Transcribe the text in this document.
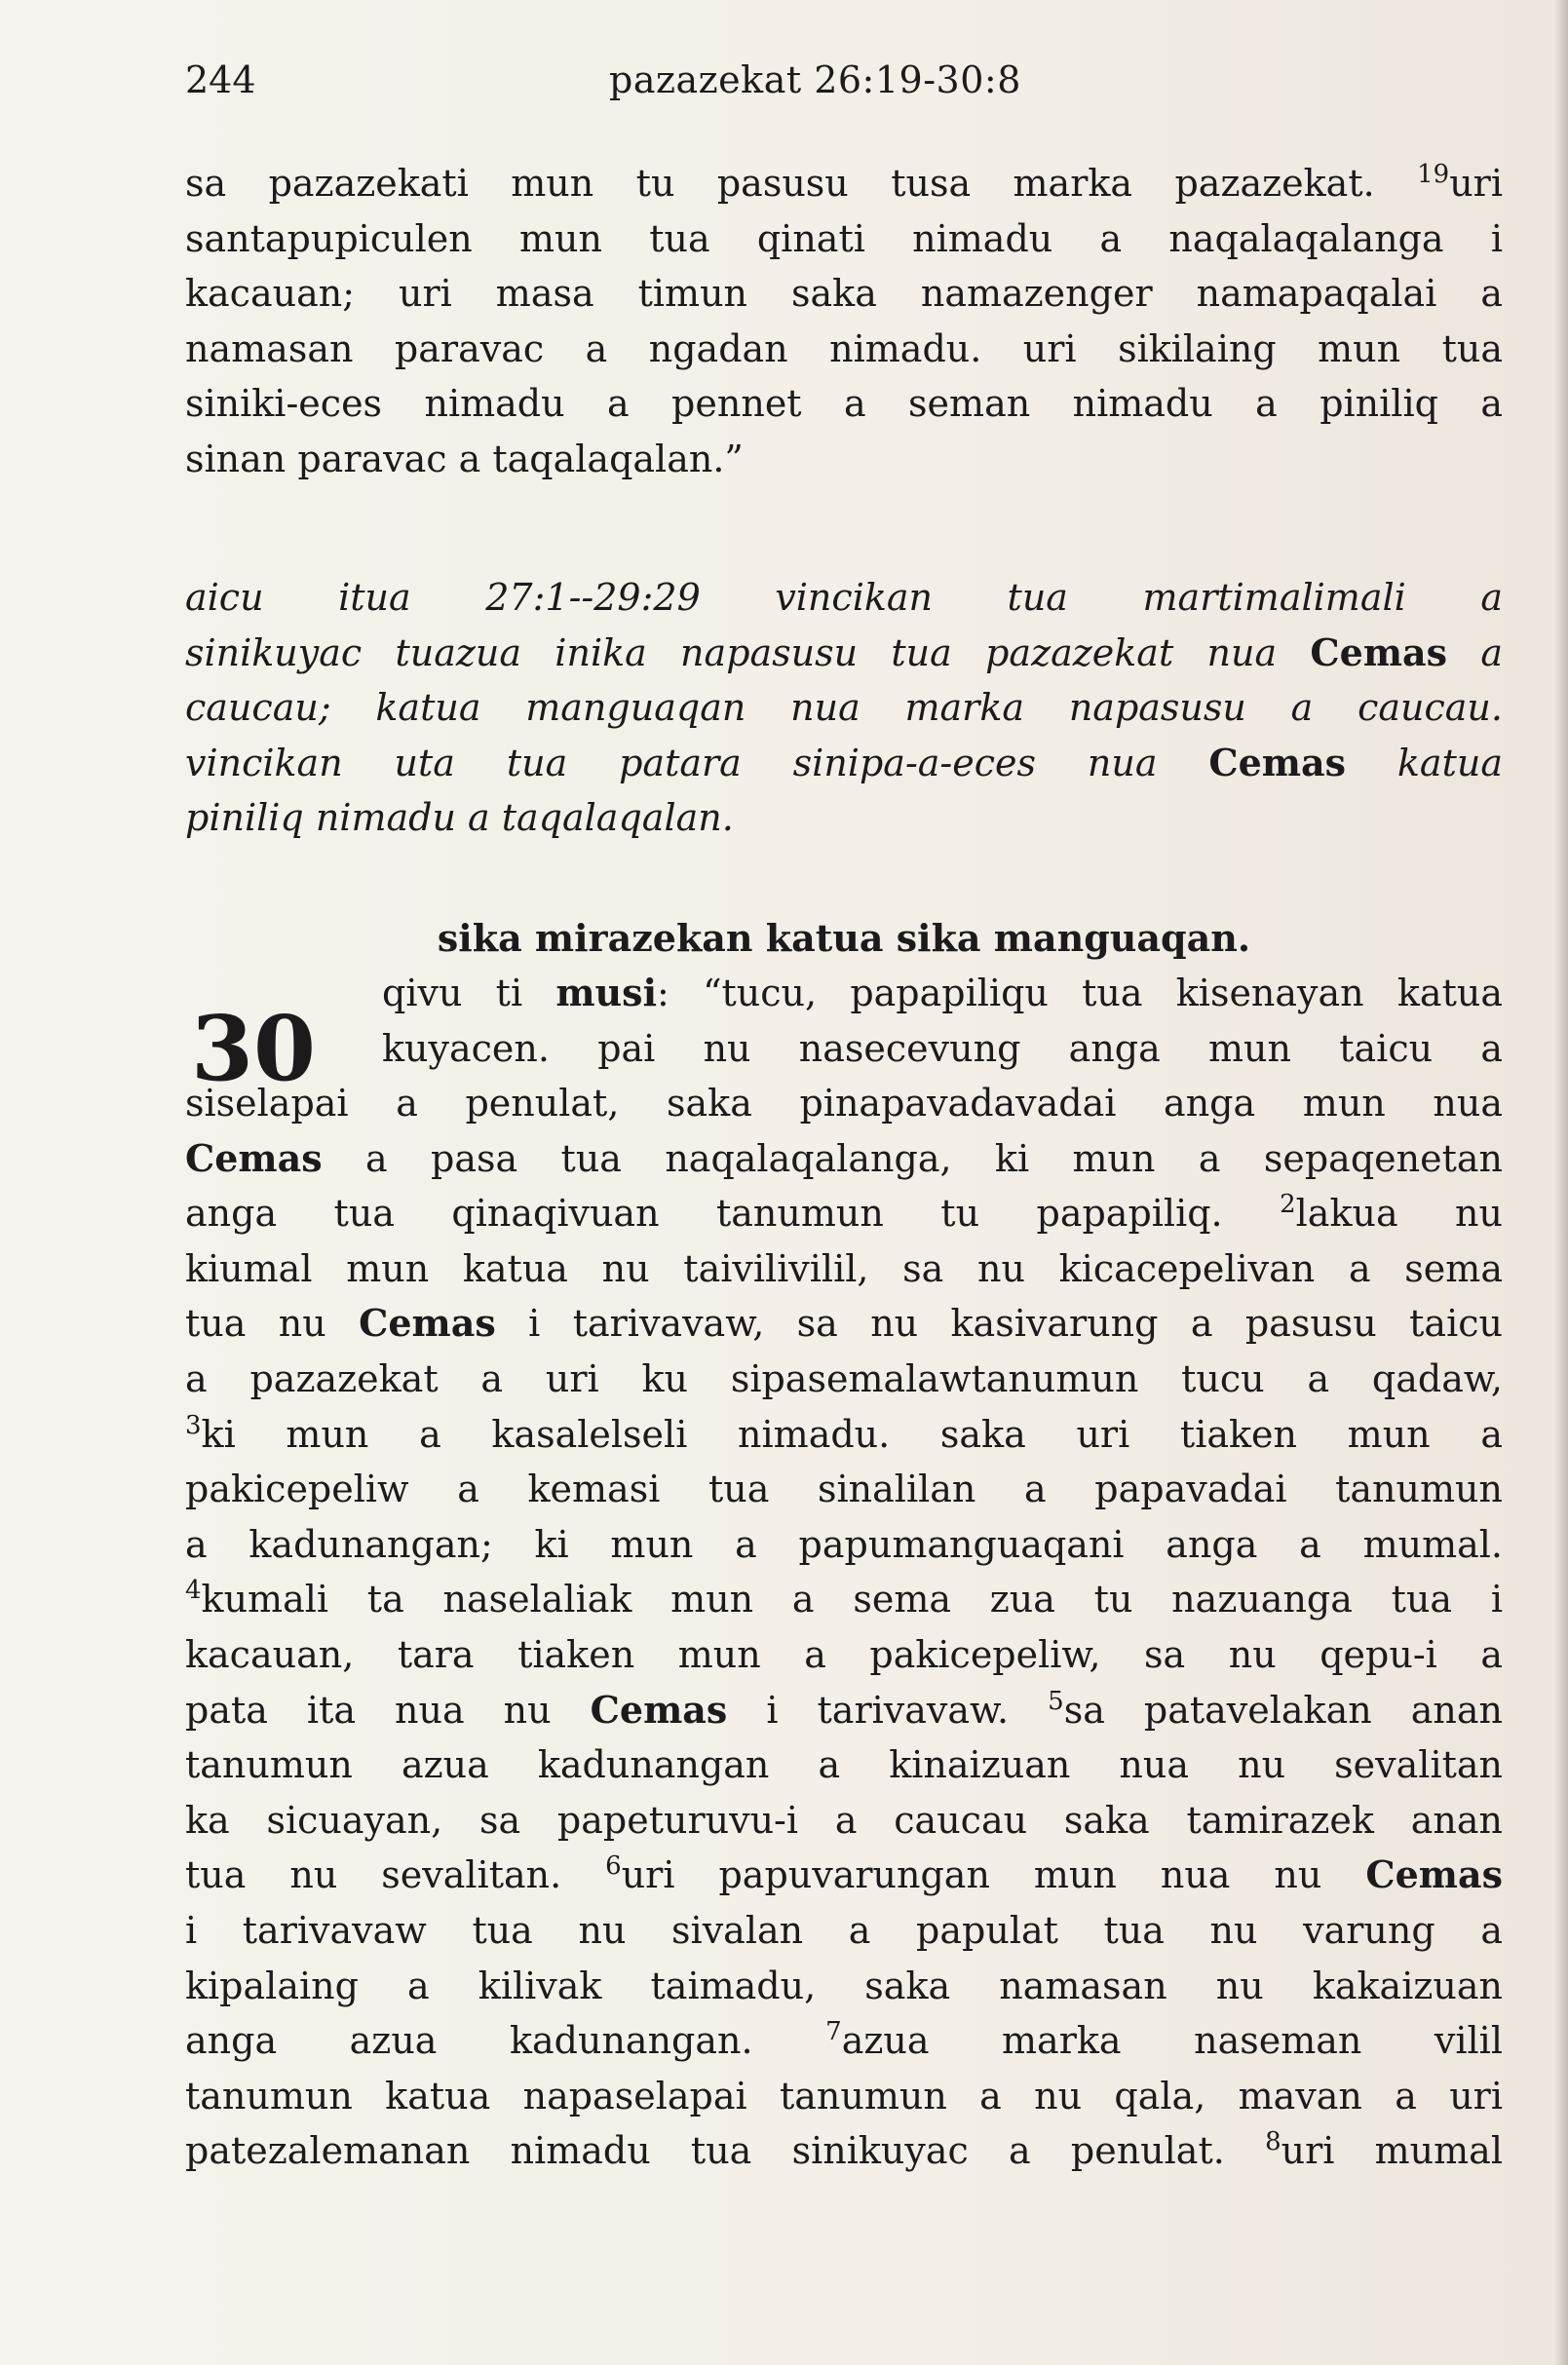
244	pazazekat 26:19-30:8
sa pazazekati mun tu pasusu tusa marka pazazekat. $^{19}$uri
santapupiculen mun tua qinati nimadu a naqalaqalanga i
kacauan; uri masa timun saka namazenger namapaqalai a
namasan paravac a ngadan nimadu. uri sikilaing mun tua
siniki-eces nimadu a pennet a seman nimadu a piniliq a
sinan paravac a taqalaqalan.”
aicu itua 27:1--29:29 vincikan tua martimalimali a
sinikuyac tuazua inika napasusu tua pazazekat nua Cemas a
caucau; katua manguaqan nua marka napasusu a caucau.
vincikan uta tua patara sinipa-a-eces nua Cemas katua
piniliq nimadu a taqalaqalan.
sika mirazekan katua sika manguaqan.
30
qivu ti musi: “tucu, papapiliqu tua kisenayan katua
kuyacen. pai nu nasecevung anga mun taicu a
siselapai a penulat, saka pinapavadavadai anga mun nua
Cemas a pasa tua naqalaqalanga, ki mun a sepaqenetan
anga tua qinaqivuan tanumun tu papapiliq. $^2$lakua nu
kiumal mun katua nu taivilivilil, sa nu kicacepelivan a sema
tua nu Cemas i tarivavaw, sa nu kasivarung a pasusu taicu
a pazazekat a uri ku sipasemalawtanumun tucu a qadaw,
$^3$ki mun a kasalelseli nimadu. saka uri tiaken mun a
pakicepeliw a kemasi tua sinalilan a papavadai tanumun
a kadunangan; ki mun a papumanguaqani anga a mumal.
$^4$kumali ta naselaliak mun a sema zua tu nazuanga tua i
kacauan, tara tiaken mun a pakicepeliw, sa nu qepu-i a
pata ita nua nu Cemas i tarivavaw. $^5$sa patavelakan anan
tanumun azua kadunangan a kinaizuan nua nu sevalitan
ka sicuayan, sa papeturuvu-i a caucau saka tamirazek anan
tua nu sevalitan. $^6$uri papuvarungan mun nua nu Cemas
i tarivavaw tua nu sivalan a papulat tua nu varung a
kipalaing a kilivak taimadu, saka namasan nu kakaizuan
anga azua kadunangan. $^7$azua marka naseman vilil
tanumun katua napaselapai tanumun a nu qala, mavan a uri
patezalemanan nimadu tua sinikuyac a penulat. $^8$uri mumal
